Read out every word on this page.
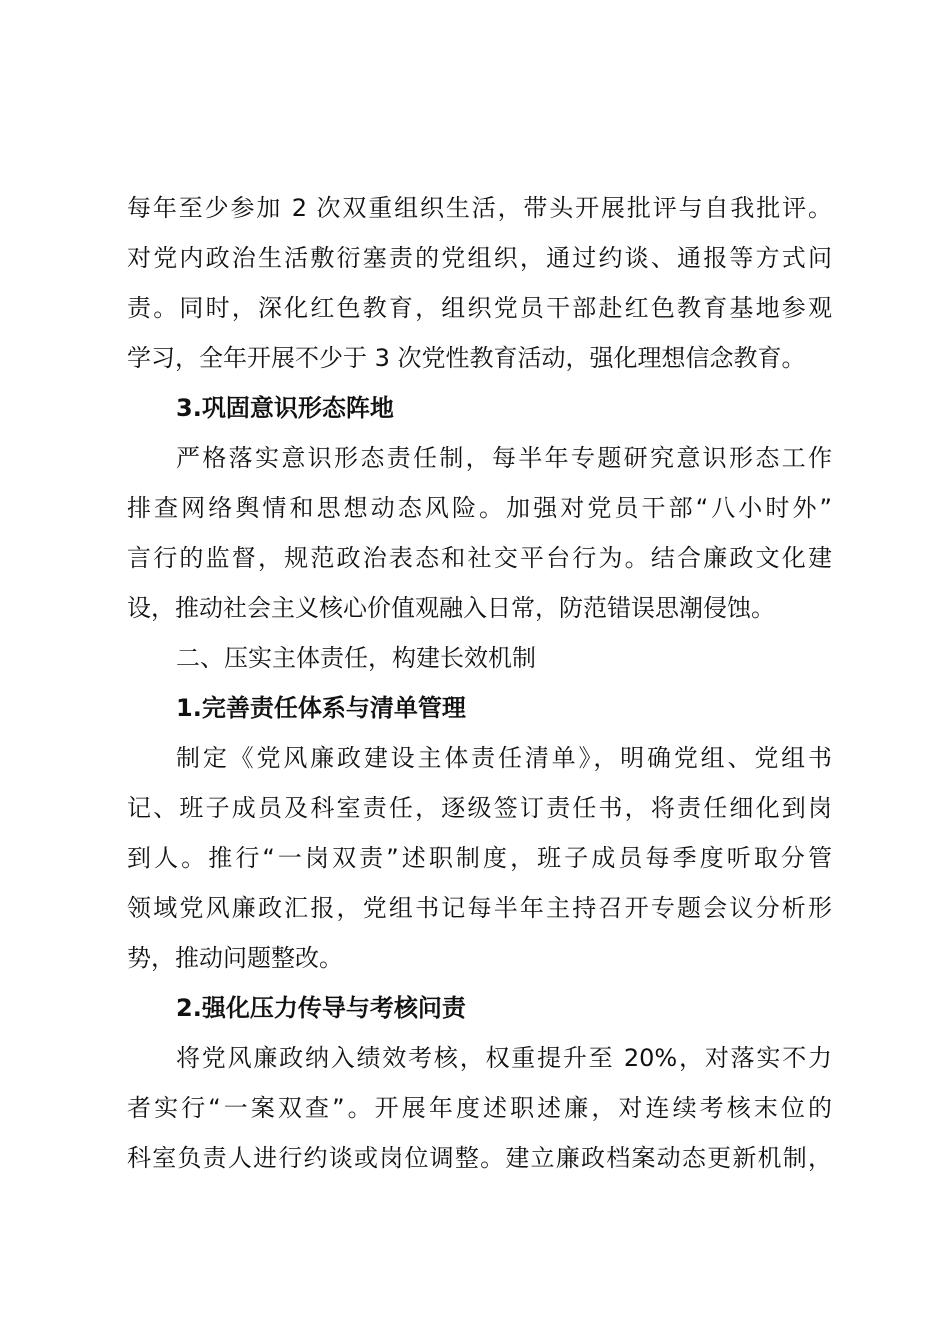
每年至少参加 2 次双重组织生活，带头开展批评与自我批评。
对党内政治生活敷衍塞责的党组织，通过约谈、通报等方式问
责。同时，深化红色教育，组织党员干部赴红色教育基地参观
学习，全年开展不少于 3 次党性教育活动，强化理想信念教育。
3.巩固意识形态阵地
严格落实意识形态责任制，每半年专题研究意识形态工作
排查网络舆情和思想动态风险。加强对党员干部“八小时外”
言行的监督，规范政治表态和社交平台行为。结合廉政文化建
设，推动社会主义核心价值观融入日常，防范错误思潮侵蚀。
二、压实主体责任，构建长效机制
1.完善责任体系与清单管理
制定《党风廉政建设主体责任清单》，明确党组、党组书
记、班子成员及科室责任，逐级签订责任书，将责任细化到岗
到人。推行“一岗双责”述职制度，班子成员每季度听取分管
领域党风廉政汇报，党组书记每半年主持召开专题会议分析形
势，推动问题整改。
2.强化压力传导与考核问责
将党风廉政纳入绩效考核，权重提升至 20%，对落实不力
者实行“一案双查”。开展年度述职述廉，对连续考核末位的
科室负责人进行约谈或岗位调整。建立廉政档案动态更新机制，
